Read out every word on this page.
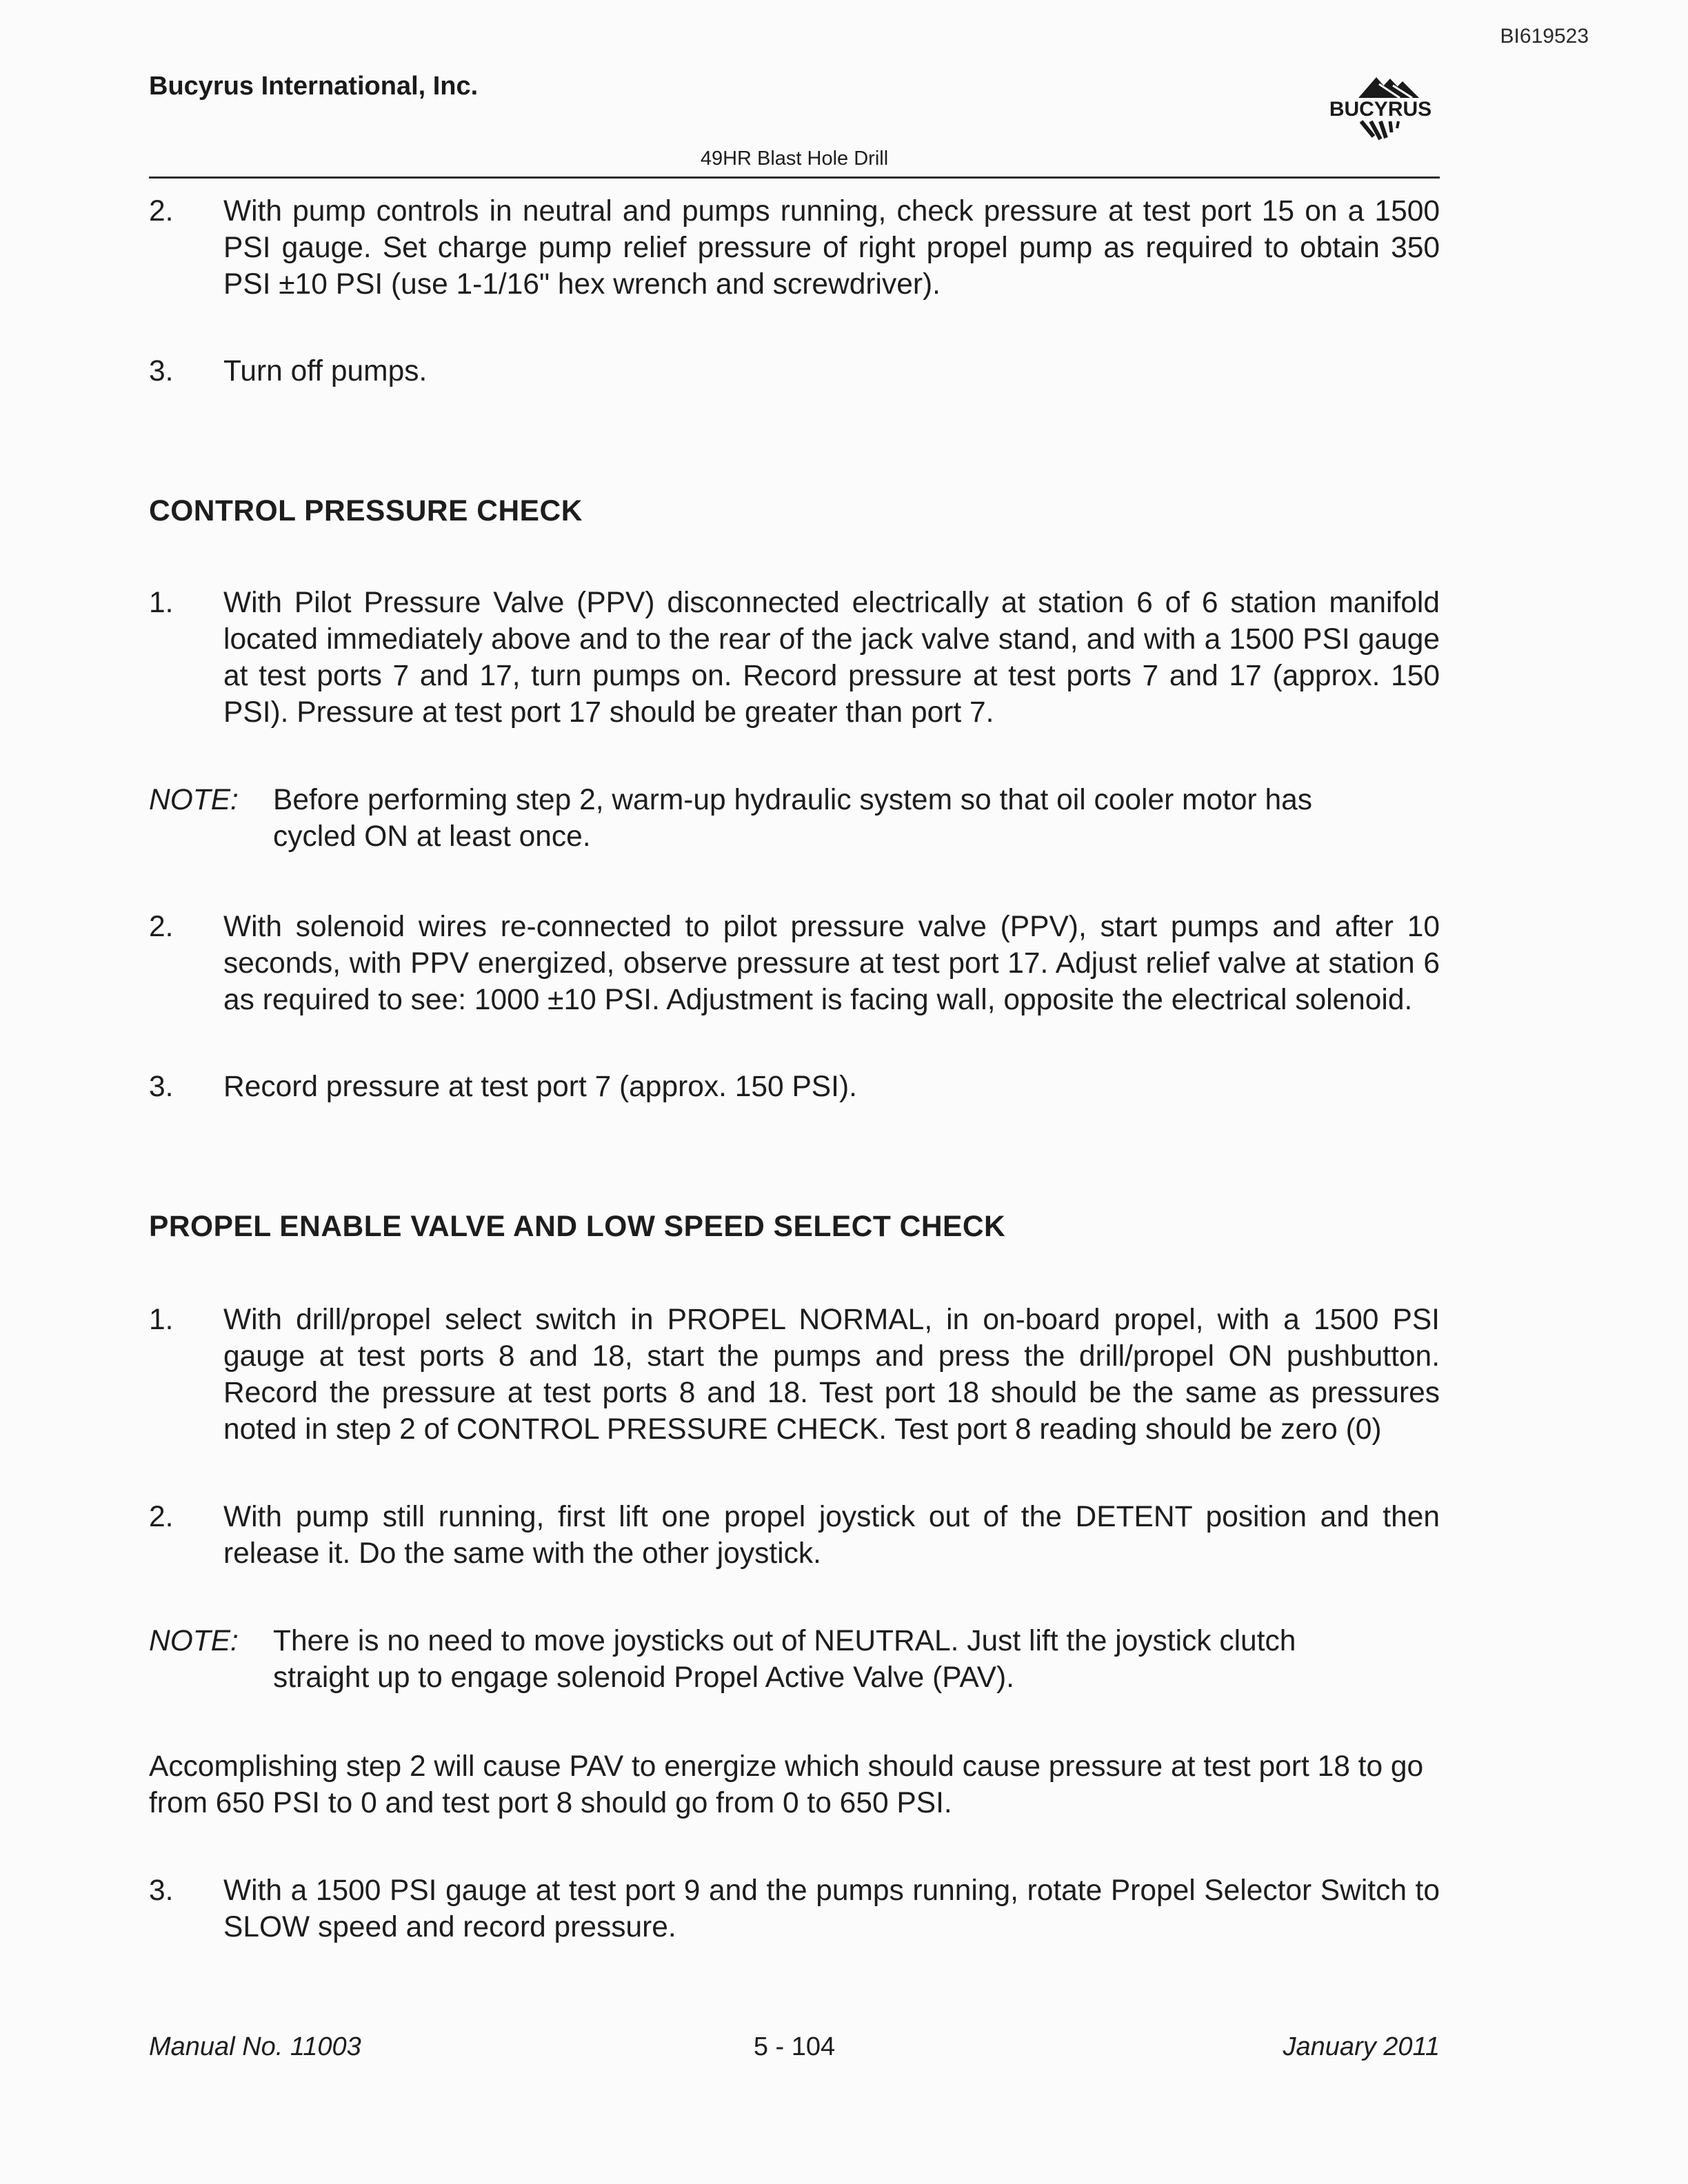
BI619523
Bucyrus International, Inc.
BUCYRUS
49HR Blast Hole Drill
2. With pump controls in neutral and pumps running, check pressure at test port 15 on a 1500 PSI gauge. Set charge pump relief pressure of right propel pump as required to obtain 350 PSI ±10 PSI (use 1-1/16" hex wrench and screwdriver).
3. Turn off pumps.
CONTROL PRESSURE CHECK
1. With Pilot Pressure Valve (PPV) disconnected electrically at station 6 of 6 station manifold located immediately above and to the rear of the jack valve stand, and with a 1500 PSI gauge at test ports 7 and 17, turn pumps on. Record pressure at test ports 7 and 17 (approx. 150 PSI). Pressure at test port 17 should be greater than port 7.
NOTE: Before performing step 2, warm-up hydraulic system so that oil cooler motor has cycled ON at least once.
2. With solenoid wires re-connected to pilot pressure valve (PPV), start pumps and after 10 seconds, with PPV energized, observe pressure at test port 17. Adjust relief valve at station 6 as required to see: 1000 ±10 PSI. Adjustment is facing wall, opposite the electrical solenoid.
3. Record pressure at test port 7 (approx. 150 PSI).
PROPEL ENABLE VALVE AND LOW SPEED SELECT CHECK
1. With drill/propel select switch in PROPEL NORMAL, in on-board propel, with a 1500 PSI gauge at test ports 8 and 18, start the pumps and press the drill/propel ON pushbutton. Record the pressure at test ports 8 and 18. Test port 18 should be the same as pressures noted in step 2 of CONTROL PRESSURE CHECK. Test port 8 reading should be zero (0)
2. With pump still running, first lift one propel joystick out of the DETENT position and then release it. Do the same with the other joystick.
NOTE: There is no need to move joysticks out of NEUTRAL. Just lift the joystick clutch straight up to engage solenoid Propel Active Valve (PAV).
Accomplishing step 2 will cause PAV to energize which should cause pressure at test port 18 to go from 650 PSI to 0 and test port 8 should go from 0 to 650 PSI.
3. With a 1500 PSI gauge at test port 9 and the pumps running, rotate Propel Selector Switch to SLOW speed and record pressure.
Manual No. 11003	5 - 104	January 2011
